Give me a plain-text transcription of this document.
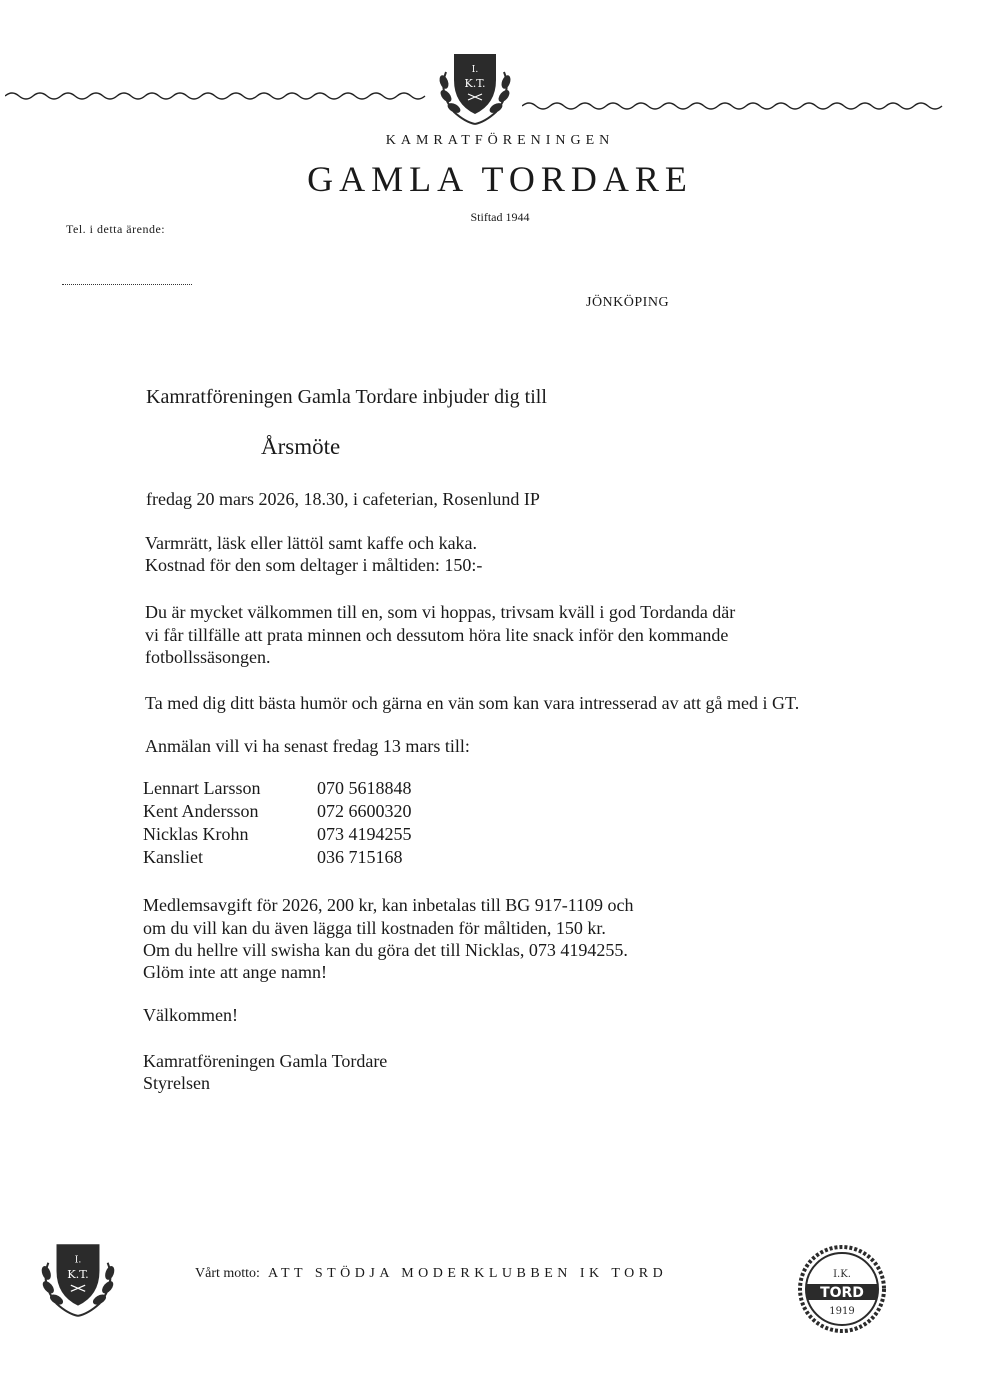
I.
K.T.
KAMRATFÖRENINGEN
GAMLA TORDARE
Stiftad 1944
Tel. i detta ärende:
JÖNKÖPING
Kamratföreningen Gamla Tordare inbjuder dig till
Årsmöte
fredag 20 mars 2026, 18.30, i cafeterian, Rosenlund IP
Varmrätt, läsk eller lättöl samt kaffe och kaka.
Kostnad för den som deltager i måltiden: 150:-
Du är mycket välkommen till en, som vi hoppas, trivsam kväll i god Tordanda där
vi får tillfälle att prata minnen och dessutom höra lite snack inför den kommande
fotbollssäsongen.
Ta med dig ditt bästa humör och gärna en vän som kan vara intresserad av att gå med i GT.
Anmälan vill vi ha senast fredag 13 mars till:
Lennart Larsson	070 5618848
Kent Andersson	072 6600320
Nicklas Krohn	073 4194255
Kansliet	036 715168
Medlemsavgift för 2026, 200 kr, kan inbetalas till BG 917-1109 och
om du vill kan du även lägga till kostnaden för måltiden, 150 kr.
Om du hellre vill swisha kan du göra det till Nicklas, 073 4194255.
Glöm inte att ange namn!
Välkommen!
Kamratföreningen Gamla Tordare
Styrelsen
I.
K.T.	Vårt motto: ATT STÖDJA MODERKLUBBEN IK TORD	I.K.
TORD
1919
